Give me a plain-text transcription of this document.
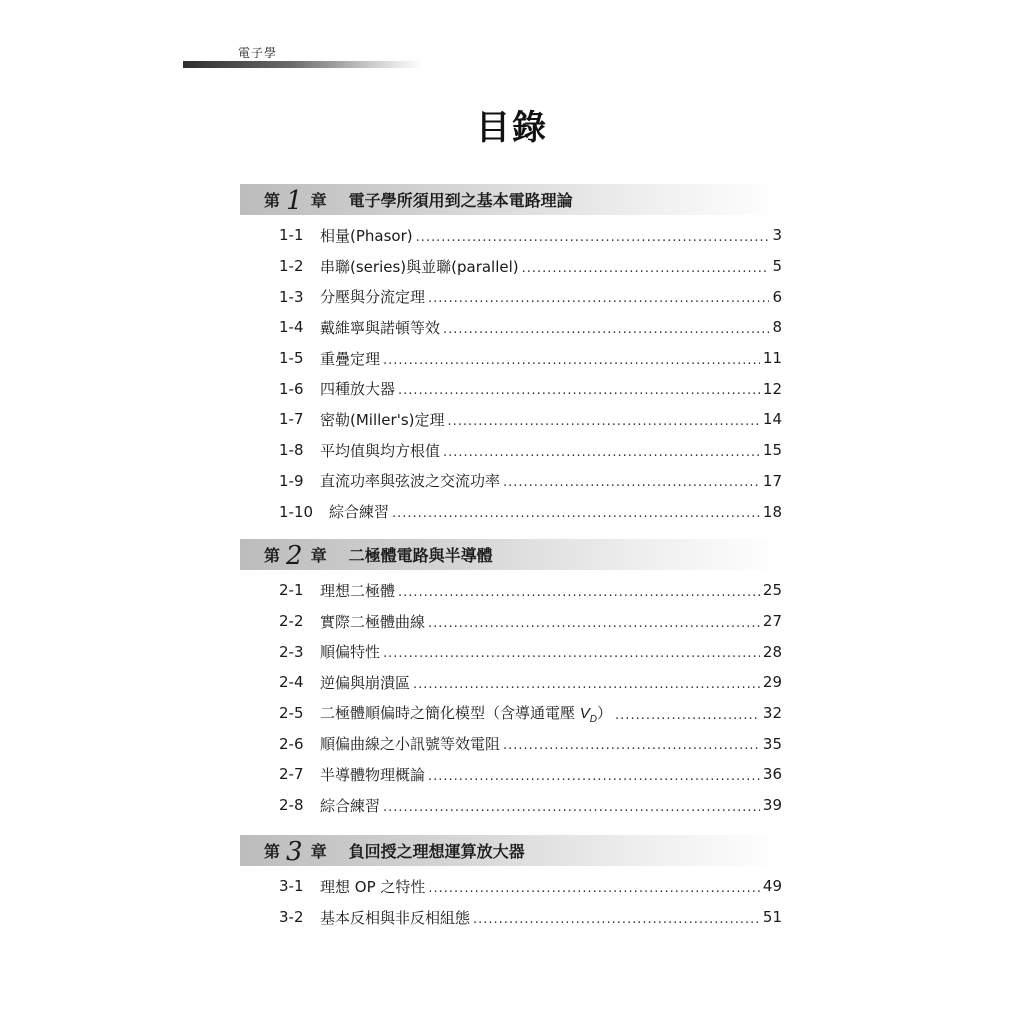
電子學
目錄
第 1 章 電子學所須用到之基本電路理論
1-1	相量(Phasor) .....	3
1-2	串聯(series)與並聯(parallel) .....	5
1-3	分壓與分流定理 .....	6
1-4	戴維寧與諾頓等效 .....	8
1-5	重疊定理 .....	11
1-6	四種放大器 .....	12
1-7	密勒(Miller's)定理 .....	14
1-8	平均值與均方根值 .....	15
1-9	直流功率與弦波之交流功率 .....	17
1-10	綜合練習 .....	18
第 2 章 二極體電路與半導體
2-1	理想二極體 .....	25
2-2	實際二極體曲線 .....	27
2-3	順偏特性 .....	28
2-4	逆偏與崩潰區 .....	29
2-5	二極體順偏時之簡化模型（含導通電壓 $V_D$） .....	32
2-6	順偏曲線之小訊號等效電阻 .....	35
2-7	半導體物理概論 .....	36
2-8	綜合練習 .....	39
第 3 章 負回授之理想運算放大器
3-1	理想 OP 之特性 .....	49
3-2	基本反相與非反相組態 .....	51
